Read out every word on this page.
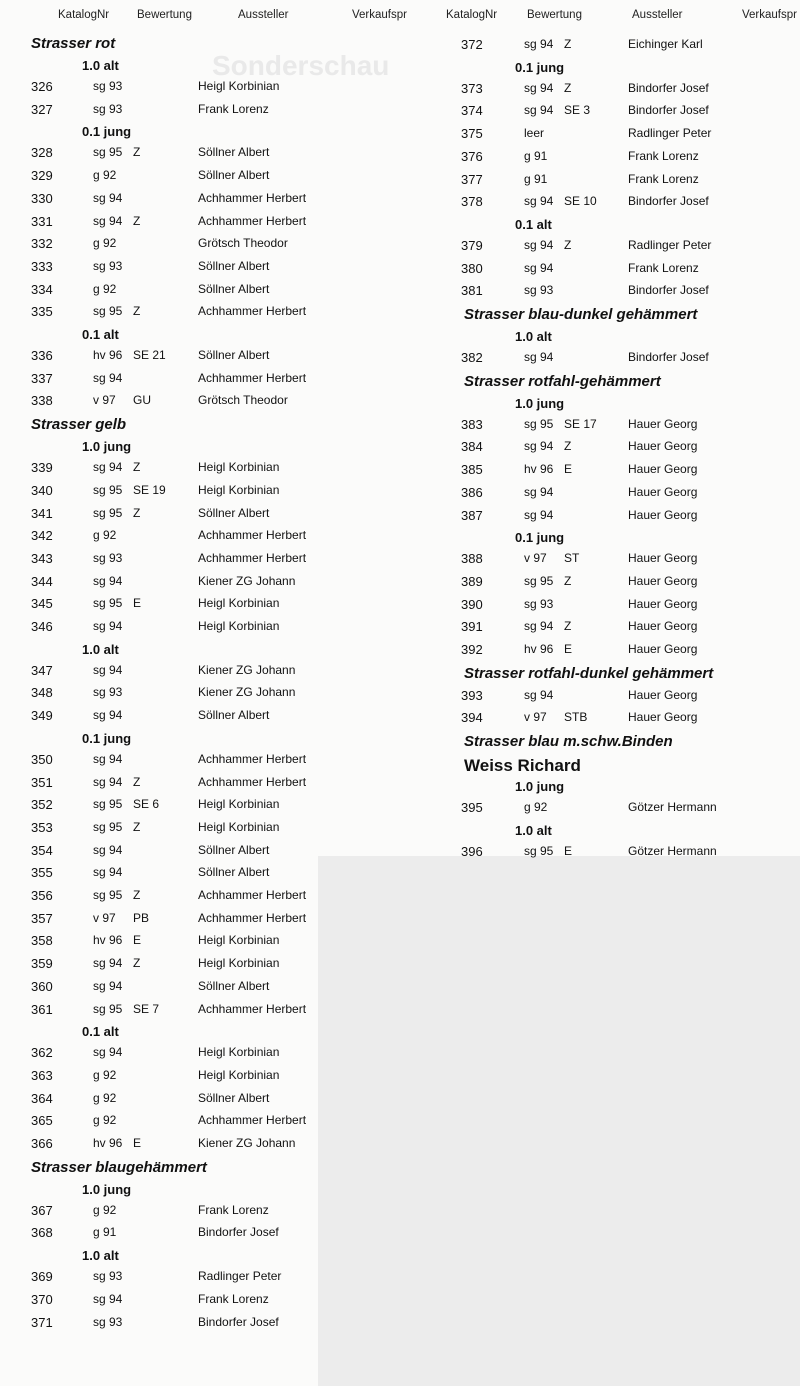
Sonderschau
KatalogNr Bewertung	Aussteller	Verkaufspr	KatalogNr	Bewertung	Aussteller	Verkaufspr
Strasser rot
1.0 alt
326	sg 93	Heigl Korbinian
327	sg 93	Frank Lorenz
0.1 jung
328	sg 95 Z	Söllner Albert
329	g 92	Söllner Albert
330	sg 94	Achhammer Herbert
331	sg 94 Z	Achhammer Herbert
332	g 92	Grötsch Theodor
333	sg 93	Söllner Albert
334	g 92	Söllner Albert
335	sg 95 Z	Achhammer Herbert
0.1 alt
336	hv 96 SE 21	Söllner Albert
337	sg 94	Achhammer Herbert
338	v 97 GU	Grötsch Theodor
Strasser gelb
1.0 jung
339	sg 94 Z	Heigl Korbinian
340	sg 95 SE 19	Heigl Korbinian
341	sg 95 Z	Söllner Albert
342	g 92	Achhammer Herbert
343	sg 93	Achhammer Herbert
344	sg 94	Kiener ZG Johann
345	sg 95 E	Heigl Korbinian
346	sg 94	Heigl Korbinian
1.0 alt
347	sg 94	Kiener ZG Johann
348	sg 93	Kiener ZG Johann
349	sg 94	Söllner Albert
0.1 jung
350	sg 94	Achhammer Herbert
351	sg 94 Z	Achhammer Herbert
352	sg 95 SE 6	Heigl Korbinian
353	sg 95 Z	Heigl Korbinian
354	sg 94	Söllner Albert
355	sg 94	Söllner Albert
356	sg 95 Z	Achhammer Herbert
357	v 97 PB	Achhammer Herbert
358	hv 96 E	Heigl Korbinian
359	sg 94 Z	Heigl Korbinian
360	sg 94	Söllner Albert
361	sg 95 SE 7	Achhammer Herbert
0.1 alt
362	sg 94	Heigl Korbinian
363	g 92	Heigl Korbinian
364	g 92	Söllner Albert
365	g 92	Achhammer Herbert
366	hv 96 E	Kiener ZG Johann
Strasser blaugehämmert
1.0 jung
367	g 92	Frank Lorenz
368	g 91	Bindorfer Josef
1.0 alt
369	sg 93	Radlinger Peter
370	sg 94	Frank Lorenz
371	sg 93	Bindorfer Josef
372	sg 94 Z	Eichinger Karl
0.1 jung
373	sg 94 Z	Bindorfer Josef
374	sg 94 SE 3	Bindorfer Josef
375	leer	Radlinger Peter
376	g 91	Frank Lorenz
377	g 91	Frank Lorenz
378	sg 94 SE 10	Bindorfer Josef
0.1 alt
379	sg 94 Z	Radlinger Peter
380	sg 94	Frank Lorenz
381	sg 93	Bindorfer Josef
Strasser blau-dunkel gehämmert
1.0 alt
382	sg 94	Bindorfer Josef
Strasser rotfahl-gehämmert
1.0 jung
383	sg 95 SE 17	Hauer Georg
384	sg 94 Z	Hauer Georg
385	hv 96 E	Hauer Georg
386	sg 94	Hauer Georg
387	sg 94	Hauer Georg
0.1 jung
388	v 97 ST	Hauer Georg
389	sg 95 Z	Hauer Georg
390	sg 93	Hauer Georg
391	sg 94 Z	Hauer Georg
392	hv 96 E	Hauer Georg
Strasser rotfahl-dunkel gehämmert
393	sg 94	Hauer Georg
394	v 97 STB	Hauer Georg
Strasser blau m.schw.Binden
Weiss Richard
1.0 jung
395	g 92	Götzer Hermann
1.0 alt
396	sg 95 E	Götzer Hermann
